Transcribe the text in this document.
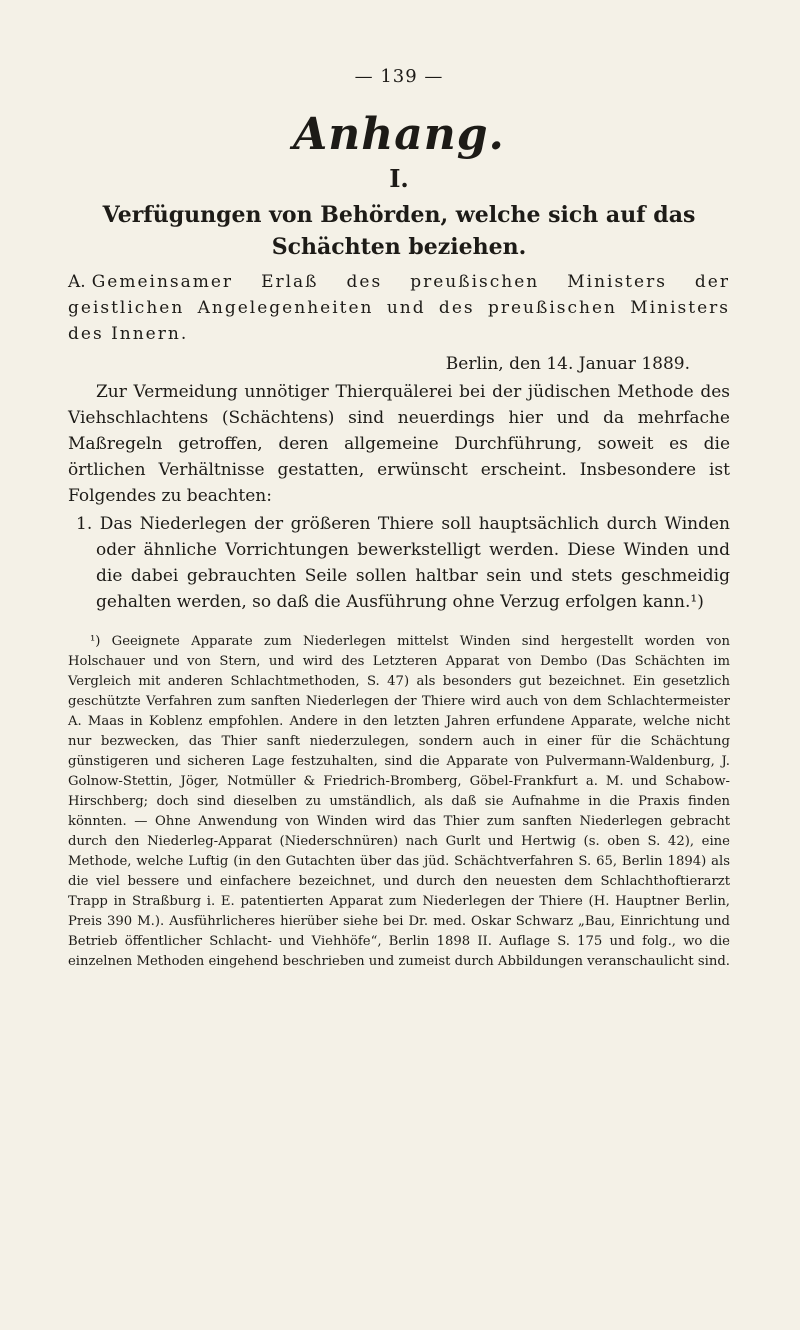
— 139 —
Anhang.
I.
Verfügungen von Behörden, welche sich auf das Schächten beziehen.
A. Gemeinsamer Erlaß des preußischen Ministers der geistlichen Angelegenheiten und des preußischen Ministers des Innern.
Berlin, den 14. Januar 1889.

Zur Vermeidung unnötiger Thierquälerei bei der jüdischen Methode des Viehschlachtens (Schächtens) sind neuerdings hier und da mehrfache Maßregeln getroffen, deren allgemeine Durchführung, soweit es die örtlichen Verhältnisse gestatten, erwünscht erscheint. Insbesondere ist Folgendes zu beachten:

1. Das Niederlegen der größeren Thiere soll hauptsächlich durch Winden oder ähnliche Vorrichtungen bewerkstelligt werden. Diese Winden und die dabei gebrauchten Seile sollen haltbar sein und stets geschmeidig gehalten werden, so daß die Ausführung ohne Verzug erfolgen kann.¹)

¹) Geeignete Apparate zum Niederlegen mittelst Winden sind hergestellt worden von Holschauer und von Stern, und wird des Letzteren Apparat von Dembo (Das Schächten im Vergleich mit anderen Schlachtmethoden, S. 47) als besonders gut bezeichnet. Ein gesetzlich geschützte Verfahren zum sanften Niederlegen der Thiere wird auch von dem Schlachtermeister A. Maas in Koblenz empfohlen. Andere in den letzten Jahren erfundene Apparate, welche nicht nur bezwecken, das Thier sanft niederzulegen, sondern auch in einer für die Schächtung günstigeren und sicheren Lage festzuhalten, sind die Apparate von Pulvermann-Waldenburg, J. Golnow-Stettin, Jöger, Notmüller & Friedrich-Bromberg, Göbel-Frankfurt a. M. und Schabow-Hirschberg; doch sind dieselben zu umständlich, als daß sie Aufnahme in die Praxis finden könnten. — Ohne Anwendung von Winden wird das Thier zum sanften Niederlegen gebracht durch den Niederleg-Apparat (Niederschnüren) nach Gurlt und Hertwig (s. oben S. 42), eine Methode, welche Luftig (in den Gutachten über das jüd. Schächtverfahren S. 65, Berlin 1894) als die viel bessere und einfachere bezeichnet, und durch den neuesten dem Schlachthoftierarzt Trapp in Straßburg i. E. patentierten Apparat zum Niederlegen der Thiere (H. Hauptner Berlin, Preis 390 M.). Ausführlicheres hierüber siehe bei Dr. med. Oskar Schwarz „Bau, Einrichtung und Betrieb öffentlicher Schlacht- und Viehhöfe“, Berlin 1898 II. Auflage S. 175 und folg., wo die einzelnen Methoden eingehend beschrieben und zumeist durch Abbildungen veranschaulicht sind.
